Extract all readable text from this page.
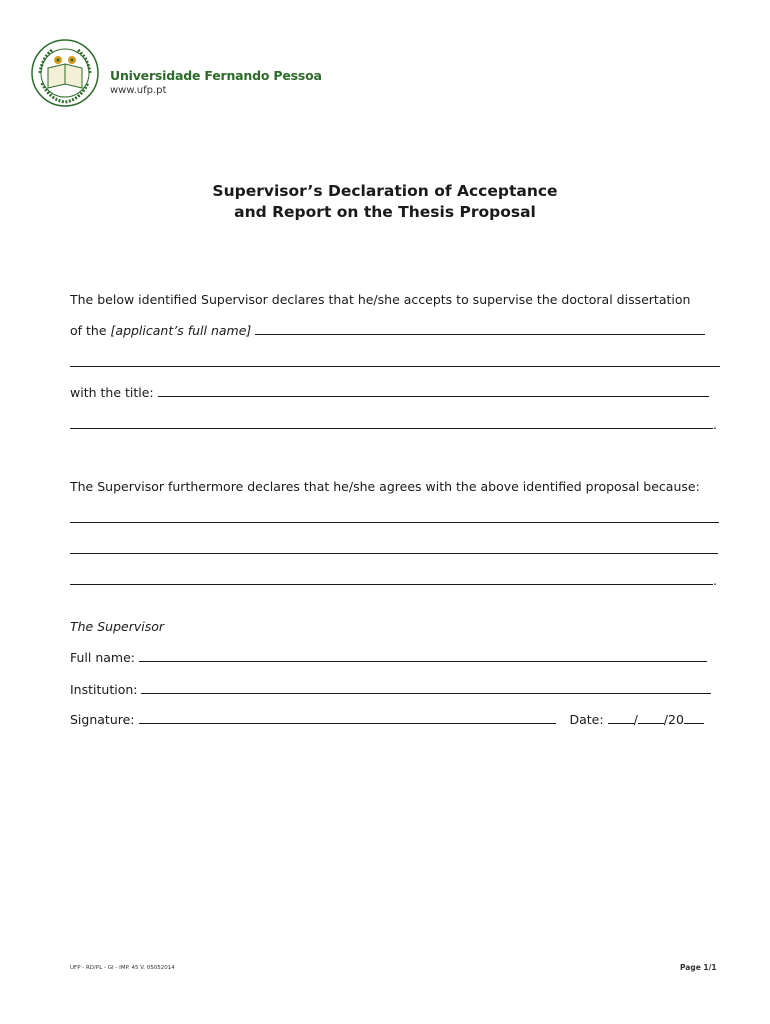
Universidade Fernando Pessoa
www.ufp.pt
Supervisor’s Declaration of Acceptance
and Report on the Thesis Proposal
The below identified Supervisor declares that he/she accepts to supervise the doctoral dissertation
of the [applicant’s full name]
with the title:
.
The Supervisor furthermore declares that he/she agrees with the above identified proposal because:
.
The Supervisor
Full name:
Institution:
Signature:	Date: / /20
UFP - RD/PL - GI - IMP. 45 V. 05052014	Page 1/1
